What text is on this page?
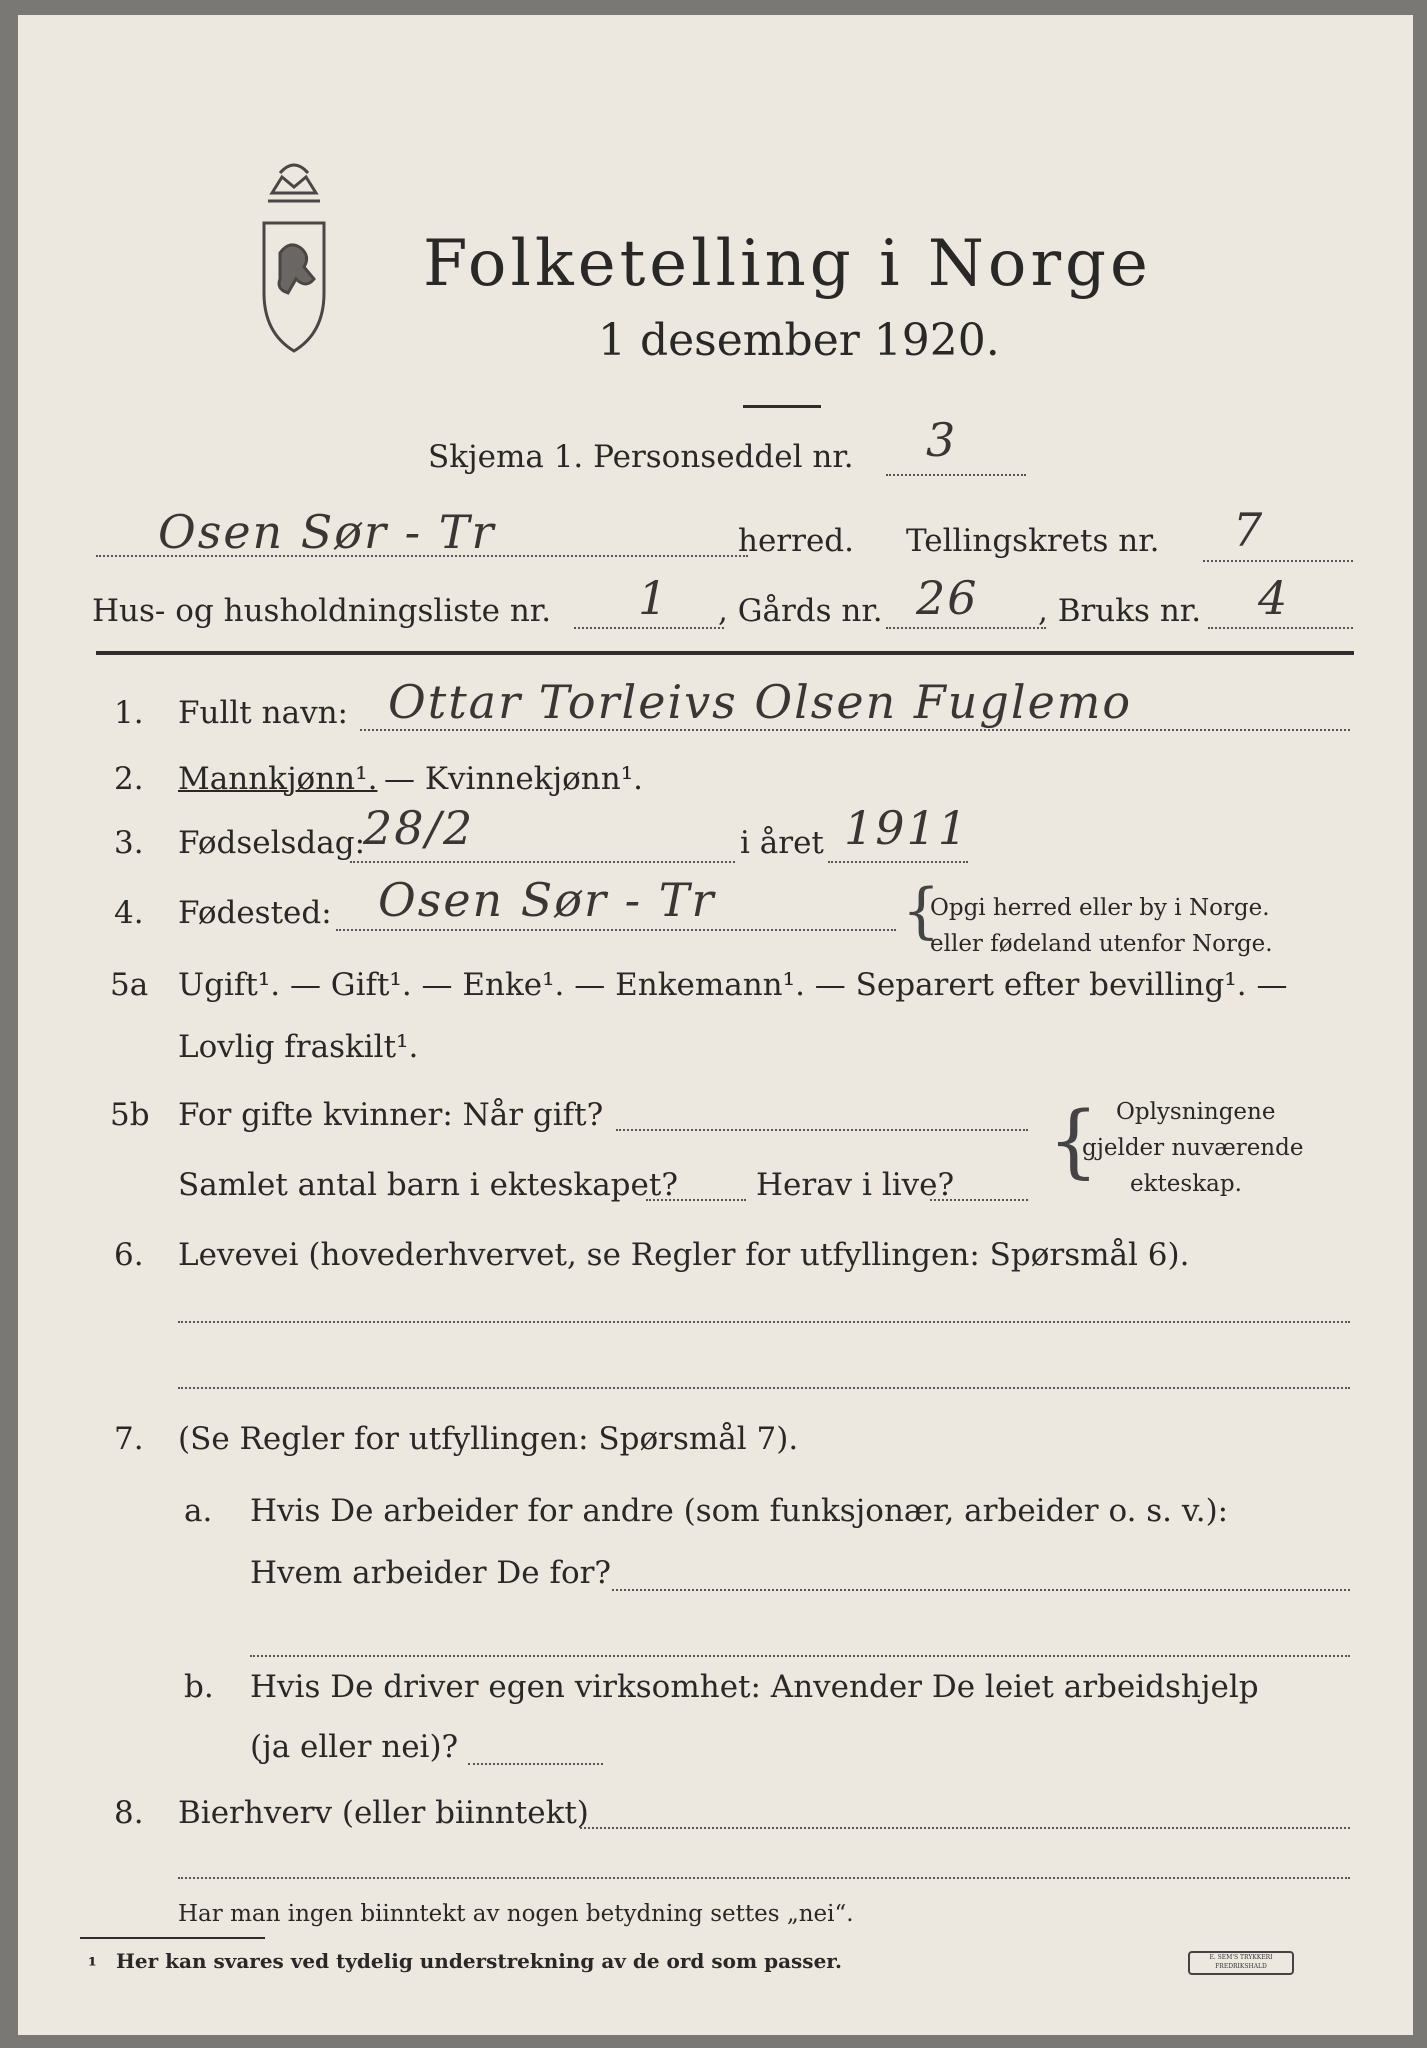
Folketelling i Norge
1 desember 1920.
Skjema 1. Personseddel nr. 3
Osen Sør - Tr	herred. Tellingskrets nr. 7
Hus- og husholdningsliste nr. 1 , Gårds nr. 26 , Bruks nr. 4
1. Fullt navn: Ottar Torleivs Olsen Fuglemo
2. Mannkjønn¹. — Kvinnekjønn¹.
3. Fødselsdag:
28/2	i året 1911
4. Fødested: Osen Sør - Tr	{
Opgi herred eller by i Norge.
eller fødeland utenfor Norge.
5a Ugift¹. — Gift¹. — Enke¹. — Enkemann¹. — Separert efter bevilling¹. —
Lovlig fraskilt¹.
5b For gifte kvinner: Når gift?
Samlet antal barn i ekteskapet?	Herav i live? { Oplysningene
gjelder nuværende
ekteskap.
6. Levevei (hovederhvervet, se Regler for utfyllingen: Spørsmål 6).
7. (Se Regler for utfyllingen: Spørsmål 7).
a. Hvis De arbeider for andre (som funksjonær, arbeider o. s. v.):
Hvem arbeider De for?
b. Hvis De driver egen virksomhet: Anvender De leiet arbeidshjelp
(ja eller nei)?
8. Bierhverv (eller biinntekt)
Har man ingen biinntekt av nogen betydning settes „nei“.
¹ Her kan svares ved tydelig understrekning av de ord som passer.	E. SEM'S TRYKKERI FREDRIKSHALD
